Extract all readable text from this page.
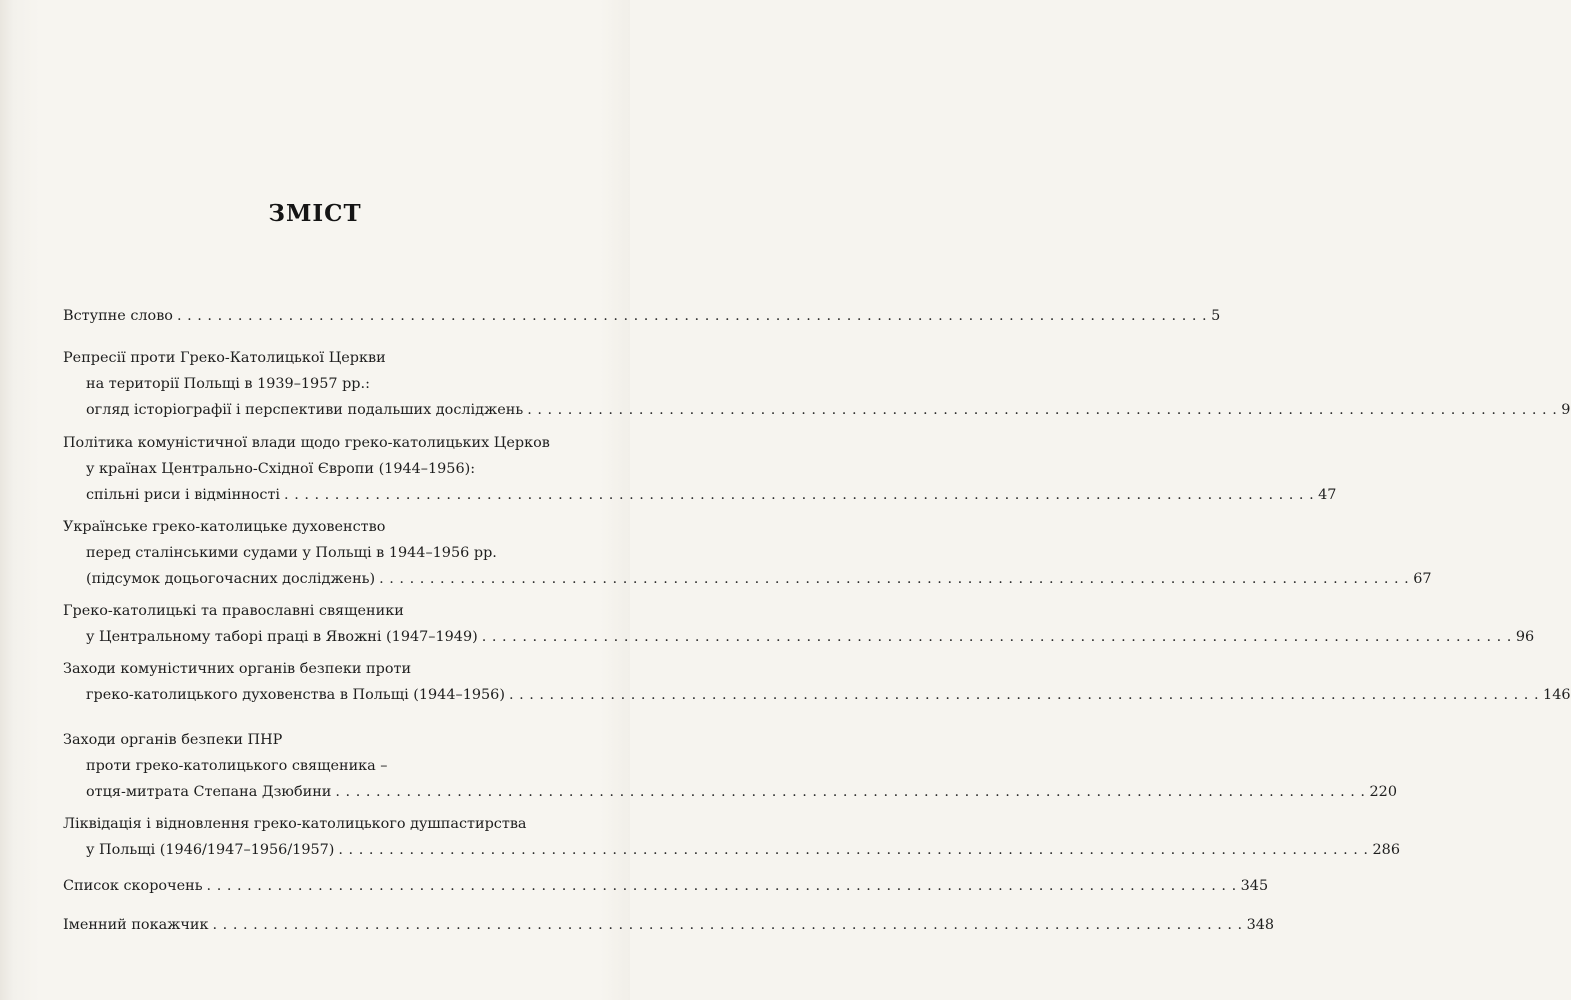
ЗМІСТ
Вступне слово . . . . . . . . . . . . . . . . . . . . . . . . . . . . . . . . . . . . . . . . . . . . . . . . . . . . . . . . . . . . . . . . . . . . . . . . . . . . . . . . . . . . . . . . . . . . . . . . . . . . . . 5
Репресії проти Греко-Католицької Церкви
на території Польщі в 1939–1957 рр.:
огляд історіографії і перспективи подальших досліджень . . . . . . . . . . . . . . . . . . . . . . . . . . . . . . . . . . . . . . . . . . . . . . . . . . . . . . . . . . . . . . . . . . . . . . . . . . . . . . . . . . . . . . . . . . . . . . . . . . . . . . 9
Політика комуністичної влади щодо греко-католицьких Церков
у країнах Центрально-Східної Європи (1944–1956):
спільні риси і відмінності . . . . . . . . . . . . . . . . . . . . . . . . . . . . . . . . . . . . . . . . . . . . . . . . . . . . . . . . . . . . . . . . . . . . . . . . . . . . . . . . . . . . . . . . . . . . . . . . . . . . . . 47
Українське греко-католицьке духовенство
перед сталінськими судами у Польщі в 1944–1956 рр.
(підсумок доцьогочасних досліджень) . . . . . . . . . . . . . . . . . . . . . . . . . . . . . . . . . . . . . . . . . . . . . . . . . . . . . . . . . . . . . . . . . . . . . . . . . . . . . . . . . . . . . . . . . . . . . . . . . . . . . . 67
Греко-католицькі та православні священики
у Центральному таборі праці в Явожні (1947–1949) . . . . . . . . . . . . . . . . . . . . . . . . . . . . . . . . . . . . . . . . . . . . . . . . . . . . . . . . . . . . . . . . . . . . . . . . . . . . . . . . . . . . . . . . . . . . . . . . . . . . . . 96
Заходи комуністичних органів безпеки проти
греко-католицького духовенства в Польщі (1944–1956) . . . . . . . . . . . . . . . . . . . . . . . . . . . . . . . . . . . . . . . . . . . . . . . . . . . . . . . . . . . . . . . . . . . . . . . . . . . . . . . . . . . . . . . . . . . . . . . . . . . . . . 146
Заходи органів безпеки ПНР
проти греко-католицького священика –
отця-митрата Степана Дзюбини . . . . . . . . . . . . . . . . . . . . . . . . . . . . . . . . . . . . . . . . . . . . . . . . . . . . . . . . . . . . . . . . . . . . . . . . . . . . . . . . . . . . . . . . . . . . . . . . . . . . . . 220
Ліквідація і відновлення греко-католицького душпастирства
у Польщі (1946/1947–1956/1957) . . . . . . . . . . . . . . . . . . . . . . . . . . . . . . . . . . . . . . . . . . . . . . . . . . . . . . . . . . . . . . . . . . . . . . . . . . . . . . . . . . . . . . . . . . . . . . . . . . . . . . 286
Список скорочень . . . . . . . . . . . . . . . . . . . . . . . . . . . . . . . . . . . . . . . . . . . . . . . . . . . . . . . . . . . . . . . . . . . . . . . . . . . . . . . . . . . . . . . . . . . . . . . . . . . . . . 345
Іменний покажчик . . . . . . . . . . . . . . . . . . . . . . . . . . . . . . . . . . . . . . . . . . . . . . . . . . . . . . . . . . . . . . . . . . . . . . . . . . . . . . . . . . . . . . . . . . . . . . . . . . . . . . 348
